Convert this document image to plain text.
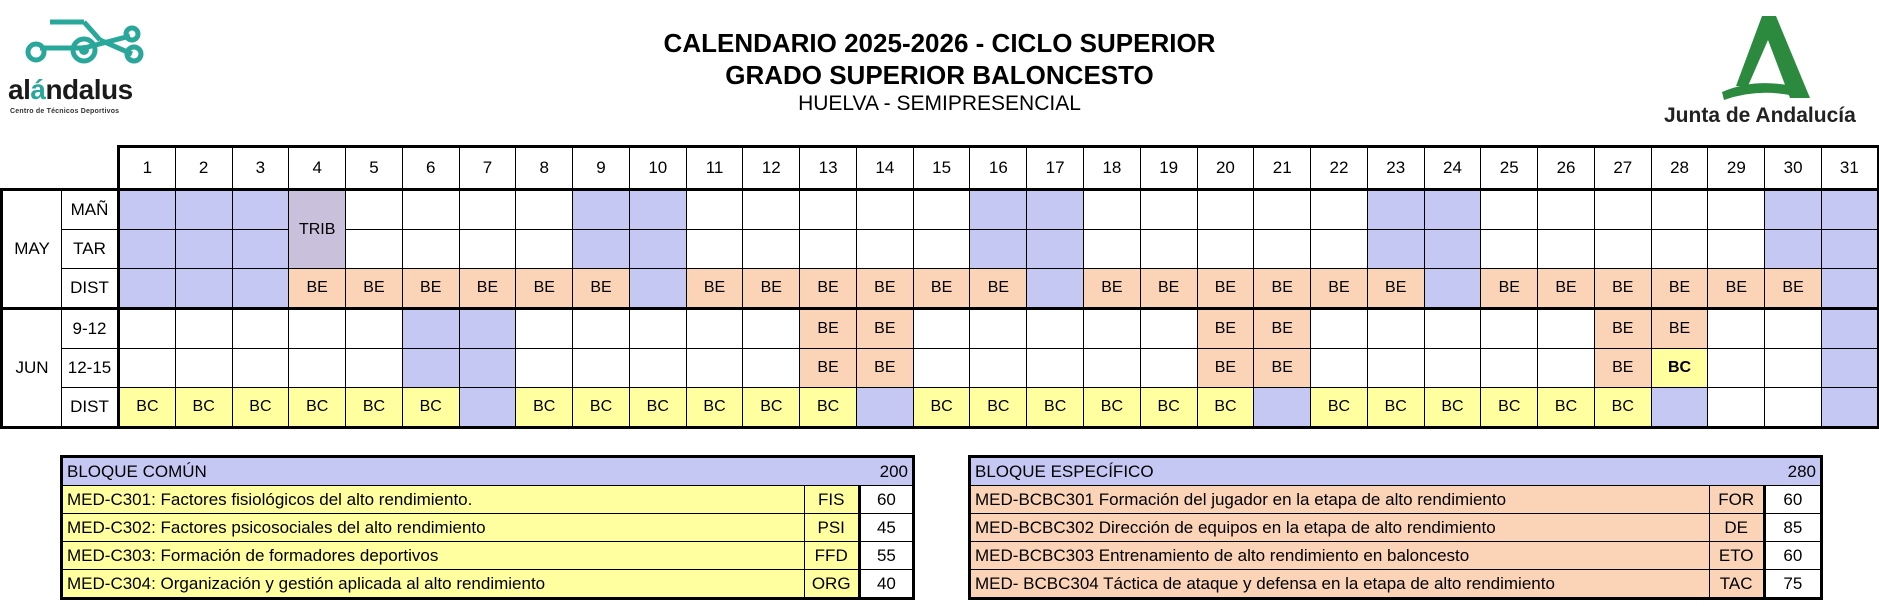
alándalus
Centro de Técnicos Deportivos
CALENDARIO 2025-2026 - CICLO SUPERIOR
GRADO SUPERIOR BALONCESTO
HUELVA - SEMIPRESENCIAL
Junta de Andalucía
		1	2	3	4	5	6	7	8	9	10	11	12	13	14	15	16	17	18	19	20	21	22	23	24	25	26	27	28	29	30	31
MAY	MAÑ				TRIB																											
	TAR																															
	DIST				BE	BE	BE	BE	BE	BE		BE	BE	BE	BE	BE	BE		BE	BE	BE	BE	BE	BE		BE	BE	BE	BE	BE	BE	
JUN	9-12													BE	BE						BE	BE						BE	BE			
	12-15													BE	BE						BE	BE						BE	BC			
	DIST	BC	BC	BC	BC	BC	BC		BC	BC	BC	BC	BC	BC		BC	BC	BC	BC	BC	BC		BC	BC	BC	BC	BC	BC				
BLOQUE COMÚN		200
MED-C301: Factores fisiológicos del alto rendimiento.	FIS	60
MED-C302: Factores psicosociales del alto rendimiento	PSI	45
MED-C303: Formación de formadores deportivos	FFD	55
MED-C304: Organización y gestión aplicada al alto rendimiento	ORG	40
BLOQUE ESPECÍFICO		280
MED-BCBC301 Formación del jugador en la etapa de alto rendimiento	FOR	60
MED-BCBC302 Dirección de equipos en la etapa de alto rendimiento	DE	85
MED-BCBC303 Entrenamiento de alto rendimiento en baloncesto	ETO	60
MED- BCBC304 Táctica de ataque y defensa en la etapa de alto rendimiento	TAC	75
